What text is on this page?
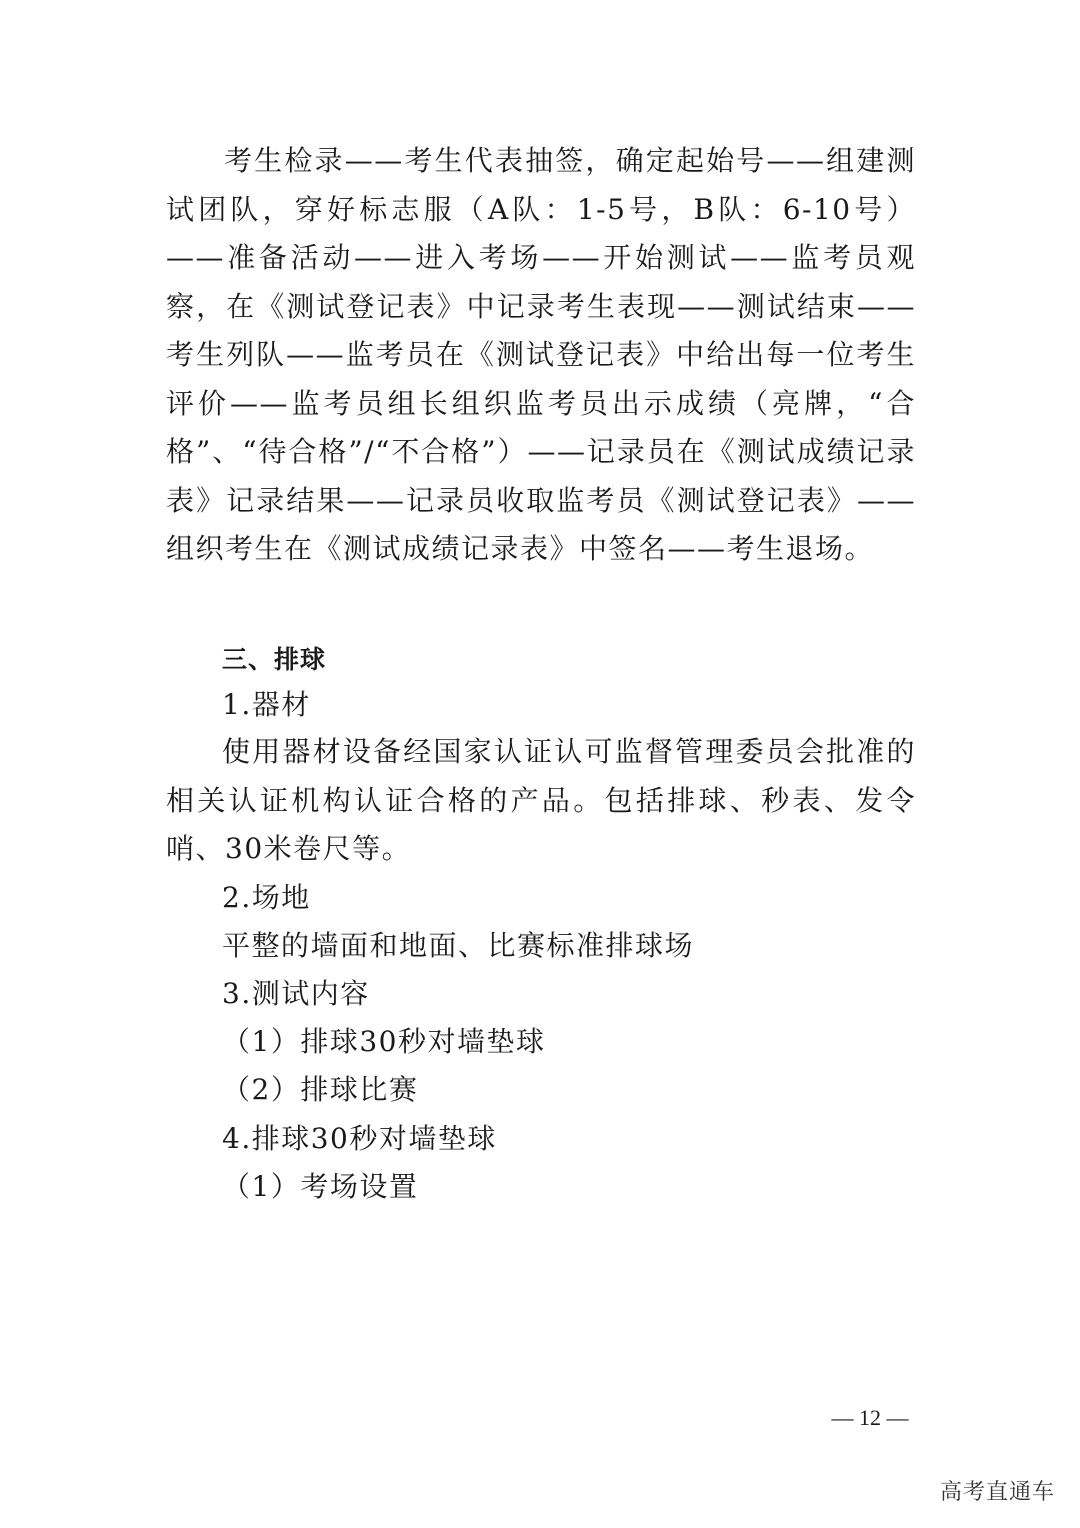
考生检录——考生代表抽签，确定起始号——组建测试团队，穿好标志服（A队：1-5号，B队：6-10号）——准备活动——进入考场——开始测试——监考员观察，在《测试登记表》中记录考生表现——测试结束——考生列队——监考员在《测试登记表》中给出每一位考生评价——监考员组长组织监考员出示成绩（亮牌，“合格”、“待合格”/“不合格”）——记录员在《测试成绩记录表》记录结果——记录员收取监考员《测试登记表》——组织考生在《测试成绩记录表》中签名——考生退场。
三、排球
1.器材
使用器材设备经国家认证认可监督管理委员会批准的相关认证机构认证合格的产品。包括排球、秒表、发令哨、30米卷尺等。
2.场地
平整的墙面和地面、比赛标准排球场
3.测试内容
（1）排球30秒对墙垫球
（2）排球比赛
4.排球30秒对墙垫球
（1）考场设置
— 12 —
高考直通车
